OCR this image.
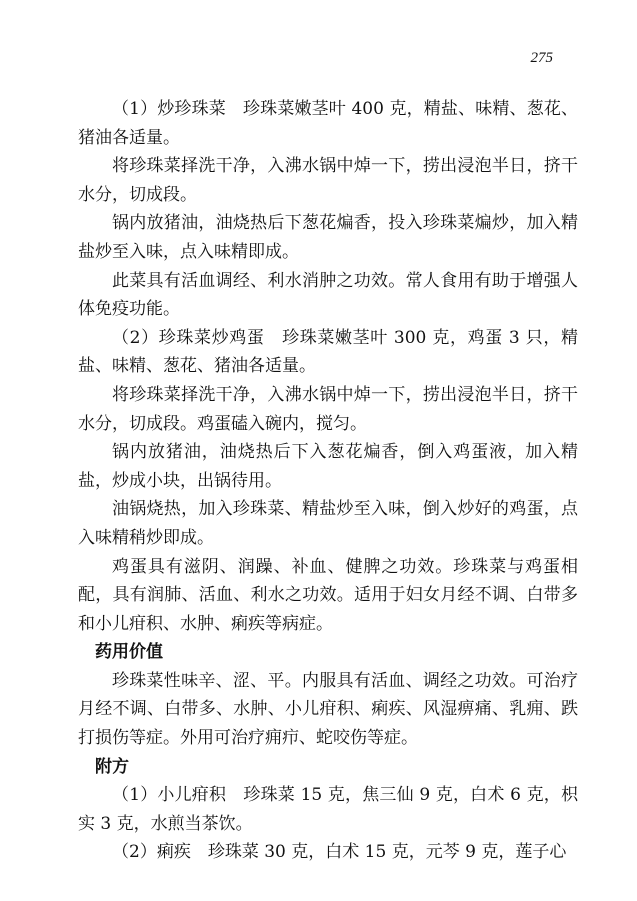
275

（1）炒珍珠菜　珍珠菜嫩茎叶 400 克，精盐、味精、葱花、猪油各适量。

将珍珠菜择洗干净，入沸水锅中焯一下，捞出浸泡半日，挤干水分，切成段。

锅内放猪油，油烧热后下葱花煸香，投入珍珠菜煸炒，加入精盐炒至入味，点入味精即成。

此菜具有活血调经、利水消肿之功效。常人食用有助于增强人体免疫功能。

（2）珍珠菜炒鸡蛋　珍珠菜嫩茎叶 300 克，鸡蛋 3 只，精盐、味精、葱花、猪油各适量。

将珍珠菜择洗干净，入沸水锅中焯一下，捞出浸泡半日，挤干水分，切成段。鸡蛋磕入碗内，搅匀。

锅内放猪油，油烧热后下入葱花煸香，倒入鸡蛋液，加入精盐，炒成小块，出锅待用。

油锅烧热，加入珍珠菜、精盐炒至入味，倒入炒好的鸡蛋，点入味精稍炒即成。

鸡蛋具有滋阴、润躁、补血、健脾之功效。珍珠菜与鸡蛋相配，具有润肺、活血、利水之功效。适用于妇女月经不调、白带多和小儿疳积、水肿、痢疾等病症。

药用价值

珍珠菜性味辛、涩、平。内服具有活血、调经之功效。可治疗月经不调、白带多、水肿、小儿疳积、痢疾、风湿痹痛、乳痈、跌打损伤等症。外用可治疗痈疖、蛇咬伤等症。

附方

（1）小儿疳积　珍珠菜 15 克，焦三仙 9 克，白术 6 克，枳实 3 克，水煎当茶饮。

（2）痢疾　珍珠菜 30 克，白术 15 克，元芩 9 克，莲子心
